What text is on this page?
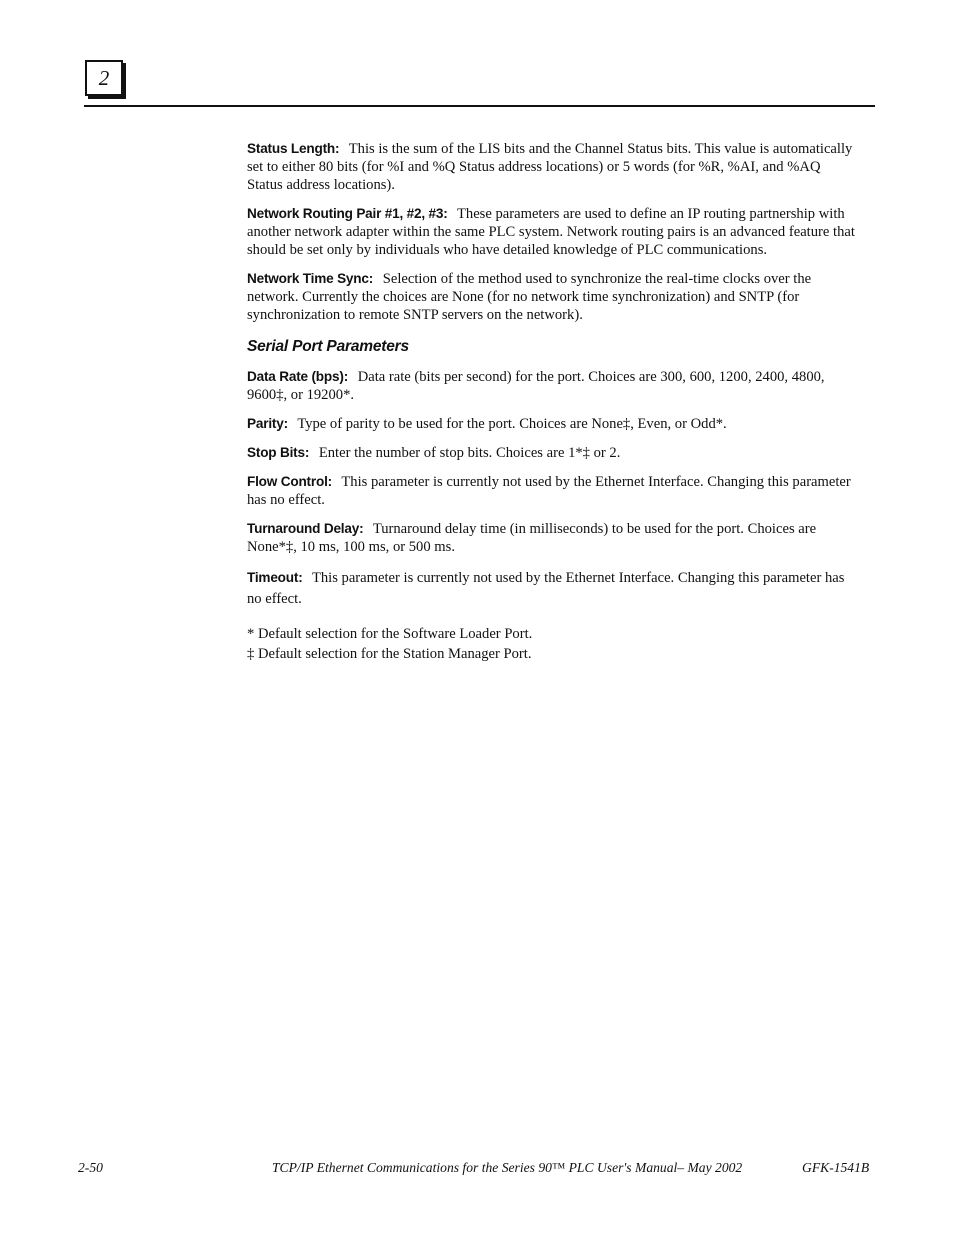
2

Status Length: This is the sum of the LIS bits and the Channel Status bits. This value is automatically set to either 80 bits (for %I and %Q Status address locations) or 5 words (for %R, %AI, and %AQ Status address locations).

Network Routing Pair #1, #2, #3: These parameters are used to define an IP routing partnership with another network adapter within the same PLC system. Network routing pairs is an advanced feature that should be set only by individuals who have detailed knowledge of PLC communications.

Network Time Sync: Selection of the method used to synchronize the real-time clocks over the network. Currently the choices are None (for no network time synchronization) and SNTP (for synchronization to remote SNTP servers on the network).

Serial Port Parameters

Data Rate (bps): Data rate (bits per second) for the port. Choices are 300, 600, 1200, 2400, 4800, 9600‡, or 19200*.

Parity: Type of parity to be used for the port. Choices are None‡, Even, or Odd*.

Stop Bits: Enter the number of stop bits. Choices are 1*‡ or 2.

Flow Control: This parameter is currently not used by the Ethernet Interface. Changing this parameter has no effect.

Turnaround Delay: Turnaround delay time (in milliseconds) to be used for the port. Choices are None*‡, 10 ms, 100 ms, or 500 ms.

Timeout: This parameter is currently not used by the Ethernet Interface. Changing this parameter has no effect.

* Default selection for the Software Loader Port.

‡ Default selection for the Station Manager Port.

2-50	TCP/IP Ethernet Communications for the Series 90™ PLC User's Manual– May 2002	GFK-1541B
